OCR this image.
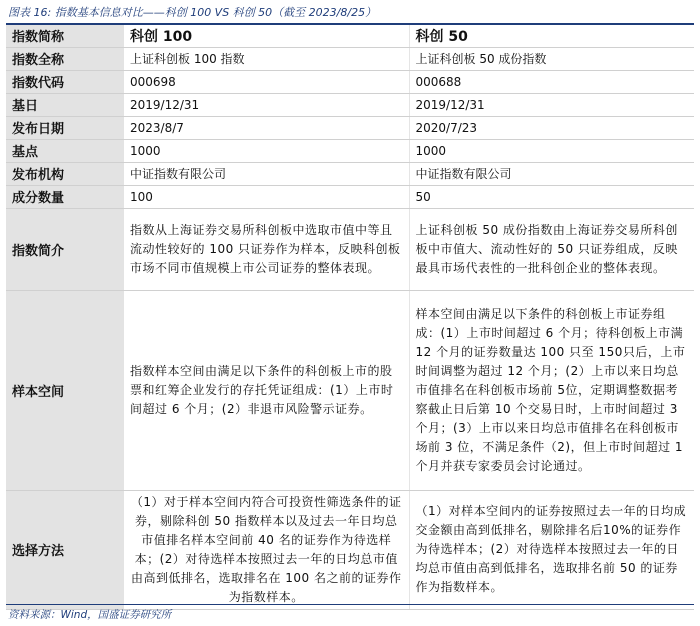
图表 16: 指数基本信息对比——科创 100 VS 科创 50（截至 2023/8/25）
指数简称	科创 100	科创 50
指数全称	上证科创板 100 指数	上证科创板 50 成份指数
指数代码	000698	000688
基日	2019/12/31	2019/12/31
发布日期	2023/8/7	2020/7/23
基点	1000	1000
发布机构	中证指数有限公司	中证指数有限公司
成分数量	100	50
指数简介	指数从上海证券交易所科创板中选取市值中等且流动性较好的 100 只证券作为样本，反映科创板市场不同市值规模上市公司证券的整体表现。	上证科创板 50 成份指数由上海证券交易所科创板中市值大、流动性好的 50 只证券组成，反映最具市场代表性的一批科创企业的整体表现。
样本空间	指数样本空间由满足以下条件的科创板上市的股票和红筹企业发行的存托凭证组成：(1）上市时间超过 6 个月；(2）非退市风险警示证券。	样本空间由满足以下条件的科创板上市证券组成：(1）上市时间超过 6 个月；待科创板上市满 12 个月的证券数量达 100 只至 150只后，上市时间调整为超过 12 个月；(2）上市以来日均总市值排名在科创板市场前 5位，定期调整数据考察截止日后第 10 个交易日时，上市时间超过 3 个月；(3）上市以来日均总市值排名在科创板市场前 3 位，不满足条件（2)，但上市时间超过 1 个月并获专家委员会讨论通过。
选择方法	（1）对于样本空间内符合可投资性筛选条件的证券，剔除科创 50 指数样本以及过去一年日均总市值排名样本空间前 40 名的证券作为待选样本；(2）对待选样本按照过去一年的日均总市值由高到低排名，选取排名在 100 名之前的证券作为指数样本。	（1）对样本空间内的证券按照过去一年的日均成交金额由高到低排名，剔除排名后10%的证券作为待选样本；(2）对待选样本按照过去一年的日均总市值由高到低排名，选取排名前 50 的证券作为指数样本。
资料来源：Wind，国盛证券研究所
